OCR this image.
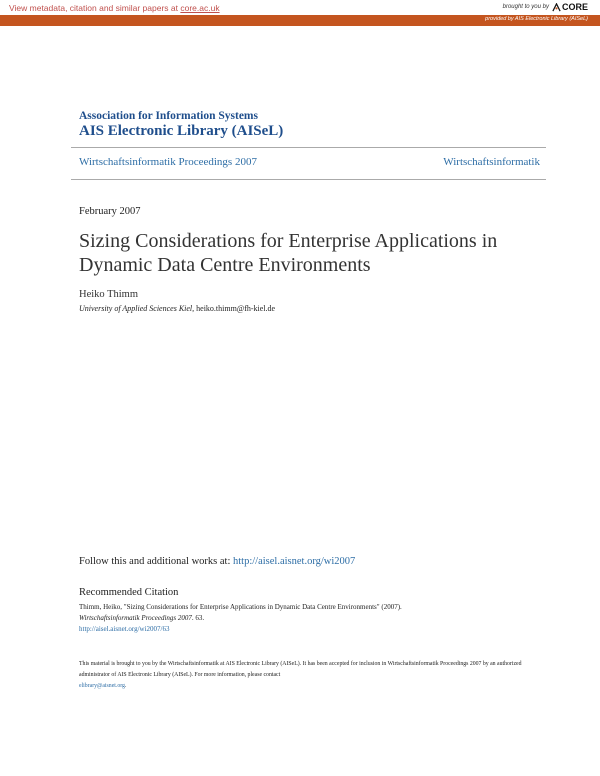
View metadata, citation and similar papers at core.ac.uk	brought to you by CORE
provided by AIS Electronic Library (AISeL)
Association for Information Systems
AIS Electronic Library (AISeL)
Wirtschaftsinformatik Proceedings 2007	Wirtschaftsinformatik
February 2007
Sizing Considerations for Enterprise Applications in Dynamic Data Centre Environments
Heiko Thimm
University of Applied Sciences Kiel, heiko.thimm@fh-kiel.de
Follow this and additional works at: http://aisel.aisnet.org/wi2007
Recommended Citation
Thimm, Heiko, "Sizing Considerations for Enterprise Applications in Dynamic Data Centre Environments" (2007).
Wirtschaftsinformatik Proceedings 2007. 63.
http://aisel.aisnet.org/wi2007/63
This material is brought to you by the Wirtschaftsinformatik at AIS Electronic Library (AISeL). It has been accepted for inclusion in Wirtschaftsinformatik Proceedings 2007 by an authorized administrator of AIS Electronic Library (AISeL). For more information, please contact
elibrary@aisnet.org.
